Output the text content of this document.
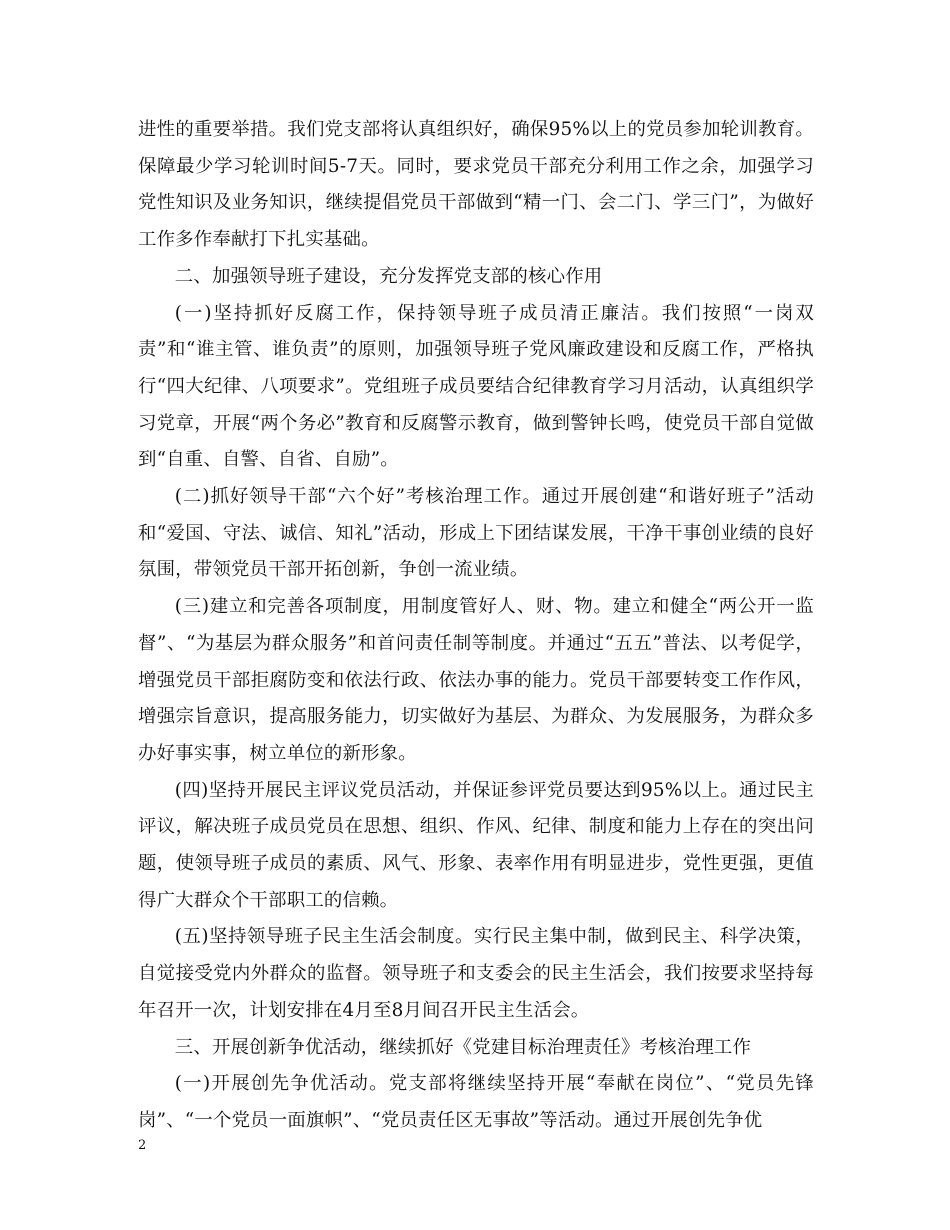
进性的重要举措。我们党支部将认真组织好，确保95%以上的党员参加轮训教育。保障最少学习轮训时间5-7天。同时，要求党员干部充分利用工作之余，加强学习党性知识及业务知识，继续提倡党员干部做到“精一门、会二门、学三门”，为做好工作多作奉献打下扎实基础。

二、加强领导班子建设，充分发挥党支部的核心作用

(一)坚持抓好反腐工作，保持领导班子成员清正廉洁。我们按照“一岗双责”和“谁主管、谁负责”的原则，加强领导班子党风廉政建设和反腐工作，严格执行“四大纪律、八项要求”。党组班子成员要结合纪律教育学习月活动，认真组织学习党章，开展“两个务必”教育和反腐警示教育，做到警钟长鸣，使党员干部自觉做到“自重、自警、自省、自励”。

(二)抓好领导干部“六个好”考核治理工作。通过开展创建“和谐好班子”活动和“爱国、守法、诚信、知礼”活动，形成上下团结谋发展，干净干事创业绩的良好氛围，带领党员干部开拓创新，争创一流业绩。

(三)建立和完善各项制度，用制度管好人、财、物。建立和健全“两公开一监督”、“为基层为群众服务”和首问责任制等制度。并通过“五五”普法、以考促学，增强党员干部拒腐防变和依法行政、依法办事的能力。党员干部要转变工作作风，增强宗旨意识，提高服务能力，切实做好为基层、为群众、为发展服务，为群众多办好事实事，树立单位的新形象。

(四)坚持开展民主评议党员活动，并保证参评党员要达到95%以上。通过民主评议，解决班子成员党员在思想、组织、作风、纪律、制度和能力上存在的突出问题，使领导班子成员的素质、风气、形象、表率作用有明显进步，党性更强，更值得广大群众个干部职工的信赖。

(五)坚持领导班子民主生活会制度。实行民主集中制，做到民主、科学决策，自觉接受党内外群众的监督。领导班子和支委会的民主生活会，我们按要求坚持每年召开一次，计划安排在4月至8月间召开民主生活会。

三、开展创新争优活动，继续抓好《党建目标治理责任》考核治理工作

(一)开展创先争优活动。党支部将继续坚持开展“奉献在岗位”、“党员先锋岗”、“一个党员一面旗帜”、“党员责任区无事故”等活动。通过开展创先争优

2
